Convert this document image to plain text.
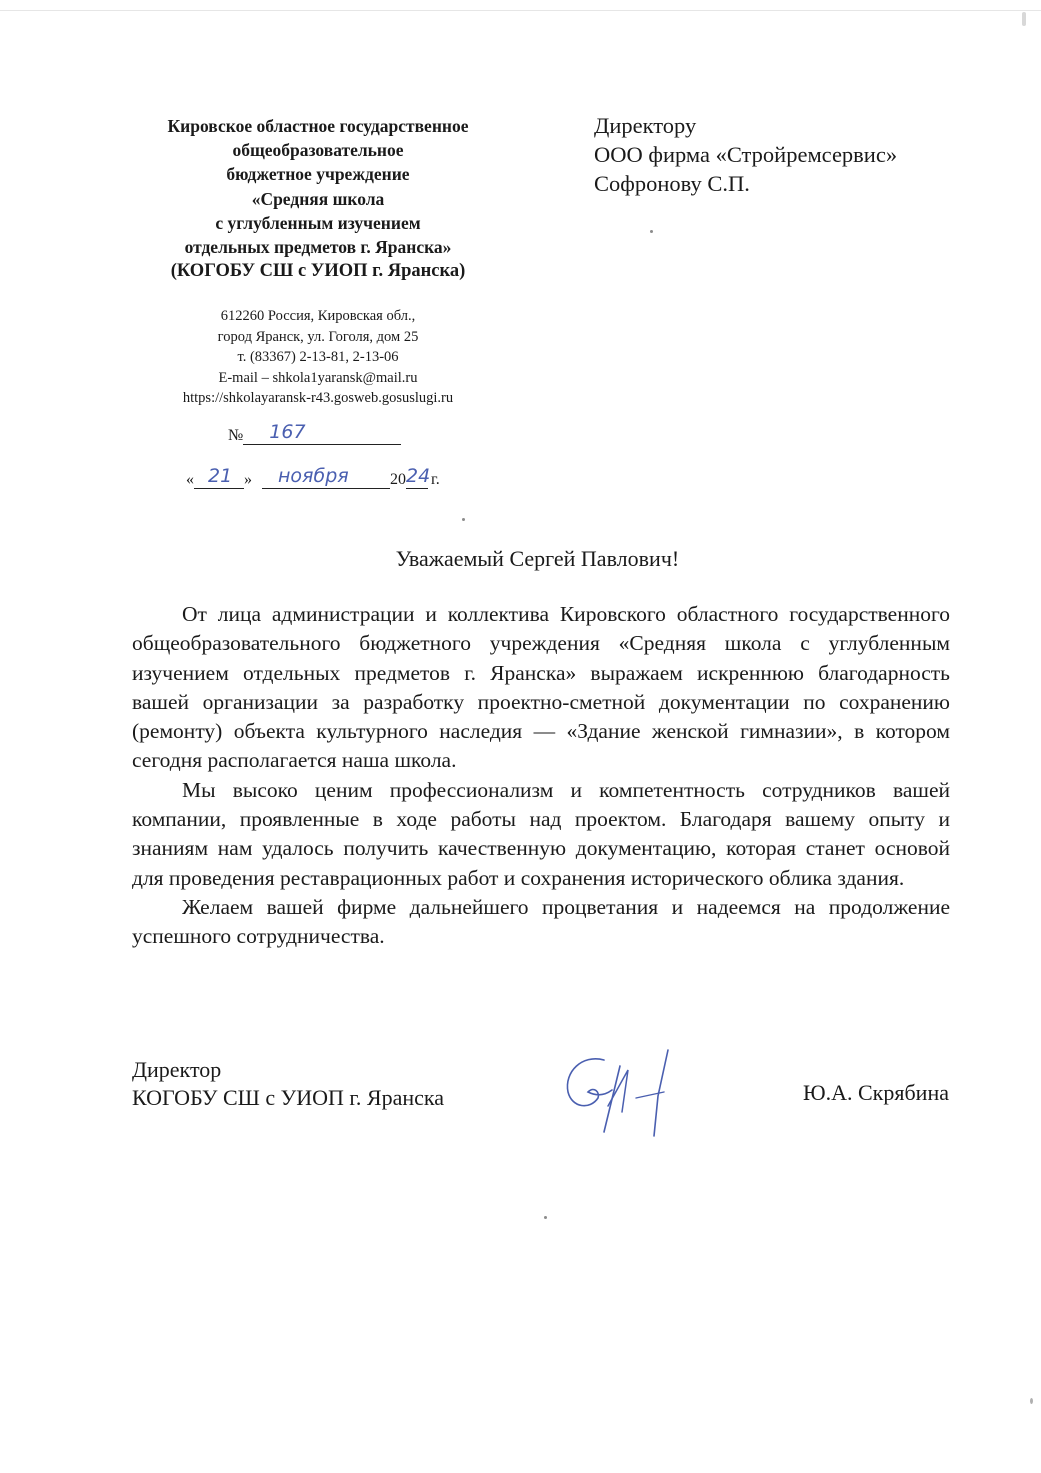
Кировское областное государственное
общеобразовательное
бюджетное учреждение
«Средняя школа
с углубленным изучением
отдельных предметов г. Яранска»
(КОГОБУ СШ с УИОП г. Яранска)
612260 Россия, Кировская обл.,
город Яранск, ул. Гоголя, дом 25
т. (83367) 2-13-81, 2-13-06
E-mail – shkola1yaransk@mail.ru
https://shkolayaransk-r43.gosweb.gosuslugi.ru
№ 167
« 21 » ноября	20 24 г.
Директору
ООО фирма «Стройремсервис»
Софронову С.П.
Уважаемый Сергей Павлович!

От лица администрации и коллектива Кировского областного государственного общеобразовательного бюджетного учреждения «Средняя школа с углубленным изучением отдельных предметов г. Яранска» выражаем искреннюю благодарность вашей организации за разработку проектно-сметной документации по сохранению (ремонту) объекта культурного наследия — «Здание женской гимназии», в котором сегодня располагается наша школа.

Мы высоко ценим профессионализм и компетентность сотрудников вашей компании, проявленные в ходе работы над проектом. Благодаря вашему опыту и знаниям нам удалось получить качественную документацию, которая станет основой для проведения реставрационных работ и сохранения исторического облика здания.

Желаем вашей фирме дальнейшего процветания и надеемся на продолжение успешного сотрудничества.

Директор
КОГОБУ СШ с УИОП г. Яранска	Ю.А. Скрябина
